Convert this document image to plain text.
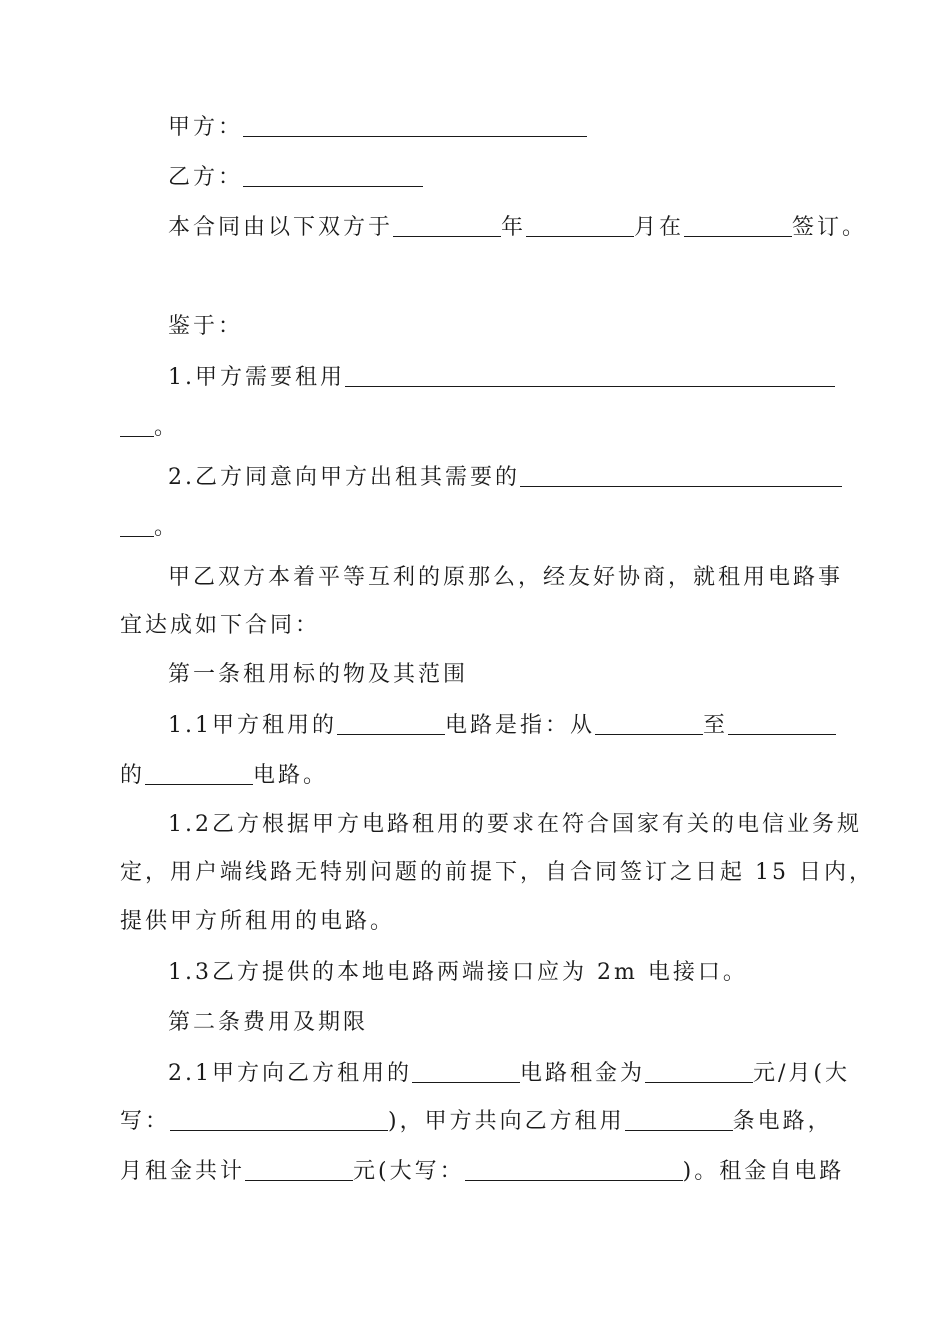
甲方：
乙方：
本合同由以下双方于	年	月在	签订。
鉴于：
1.甲方需要租用
。
2.乙方同意向甲方出租其需要的
。
甲乙双方本着平等互利的原那么，经友好协商，就租用电路事
宜达成如下合同：
第一条租用标的物及其范围
1.1甲方租用的	电路是指：从	至
的	电路。
1.2乙方根据甲方电路租用的要求在符合国家有关的电信业务规
定，用户端线路无特别问题的前提下，自合同签订之日起 15 日内，
提供甲方所租用的电路。
1.3乙方提供的本地电路两端接口应为 2m 电接口。
第二条费用及期限
2.1甲方向乙方租用的	电路租金为	元/月(大
写：	)，甲方共向乙方租用	条电路，
月租金共计	元(大写：	)。租金自电路
